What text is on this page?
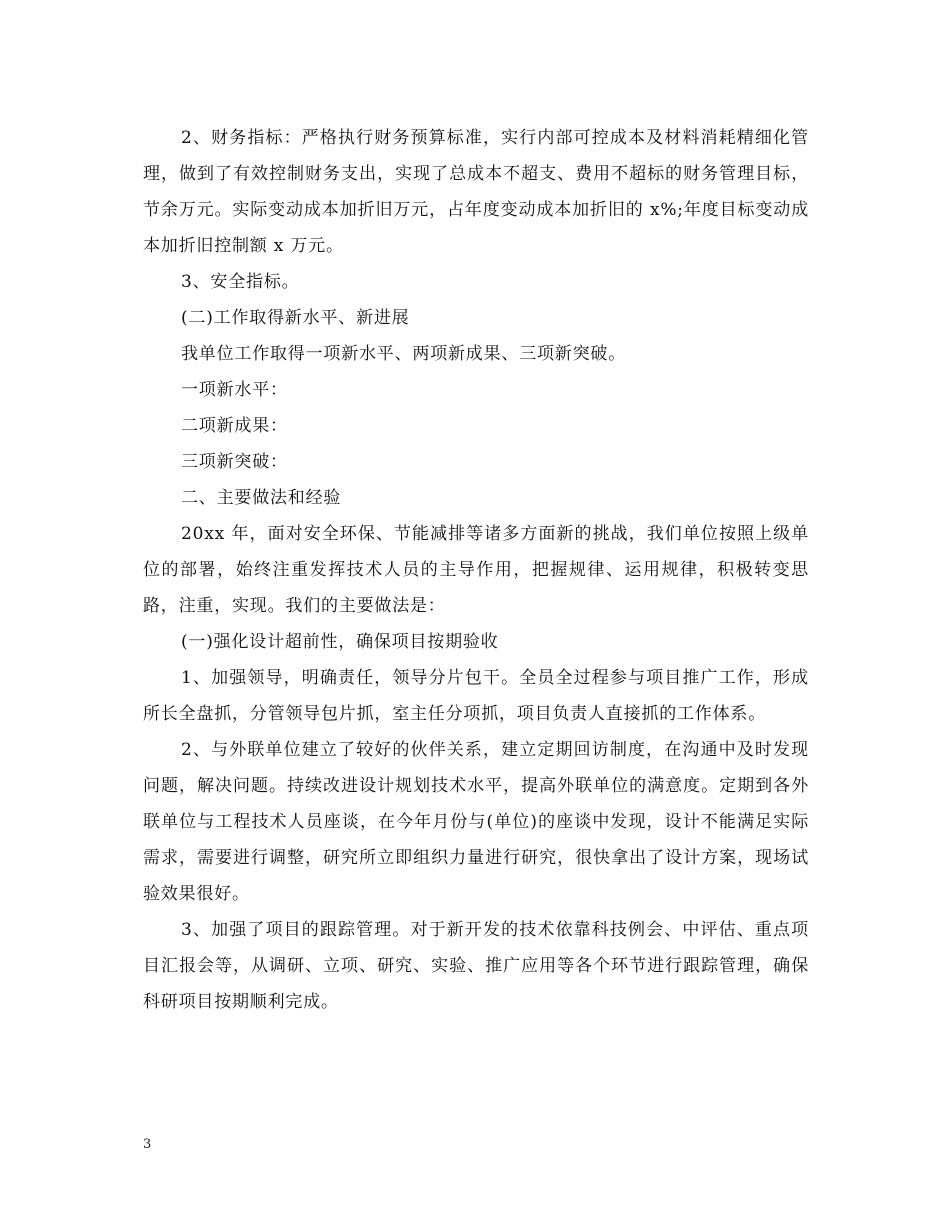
2、财务指标：严格执行财务预算标准，实行内部可控成本及材料消耗精细化管理，做到了有效控制财务支出，实现了总成本不超支、费用不超标的财务管理目标，节余万元。实际变动成本加折旧万元，占年度变动成本加折旧的 x%;年度目标变动成本加折旧控制额 x 万元。

3、安全指标。

(二)工作取得新水平、新进展

我单位工作取得一项新水平、两项新成果、三项新突破。

一项新水平：

二项新成果：

三项新突破：

二、主要做法和经验

20xx 年，面对安全环保、节能减排等诸多方面新的挑战，我们单位按照上级单位的部署，始终注重发挥技术人员的主导作用，把握规律、运用规律，积极转变思路，注重，实现。我们的主要做法是：

(一)强化设计超前性，确保项目按期验收

1、加强领导，明确责任，领导分片包干。全员全过程参与项目推广工作，形成所长全盘抓，分管领导包片抓，室主任分项抓，项目负责人直接抓的工作体系。

2、与外联单位建立了较好的伙伴关系，建立定期回访制度，在沟通中及时发现问题，解决问题。持续改进设计规划技术水平，提高外联单位的满意度。定期到各外联单位与工程技术人员座谈，在今年月份与(单位)的座谈中发现，设计不能满足实际需求，需要进行调整，研究所立即组织力量进行研究，很快拿出了设计方案，现场试验效果很好。

3、加强了项目的跟踪管理。对于新开发的技术依靠科技例会、中评估、重点项目汇报会等，从调研、立项、研究、实验、推广应用等各个环节进行跟踪管理，确保科研项目按期顺利完成。

3
